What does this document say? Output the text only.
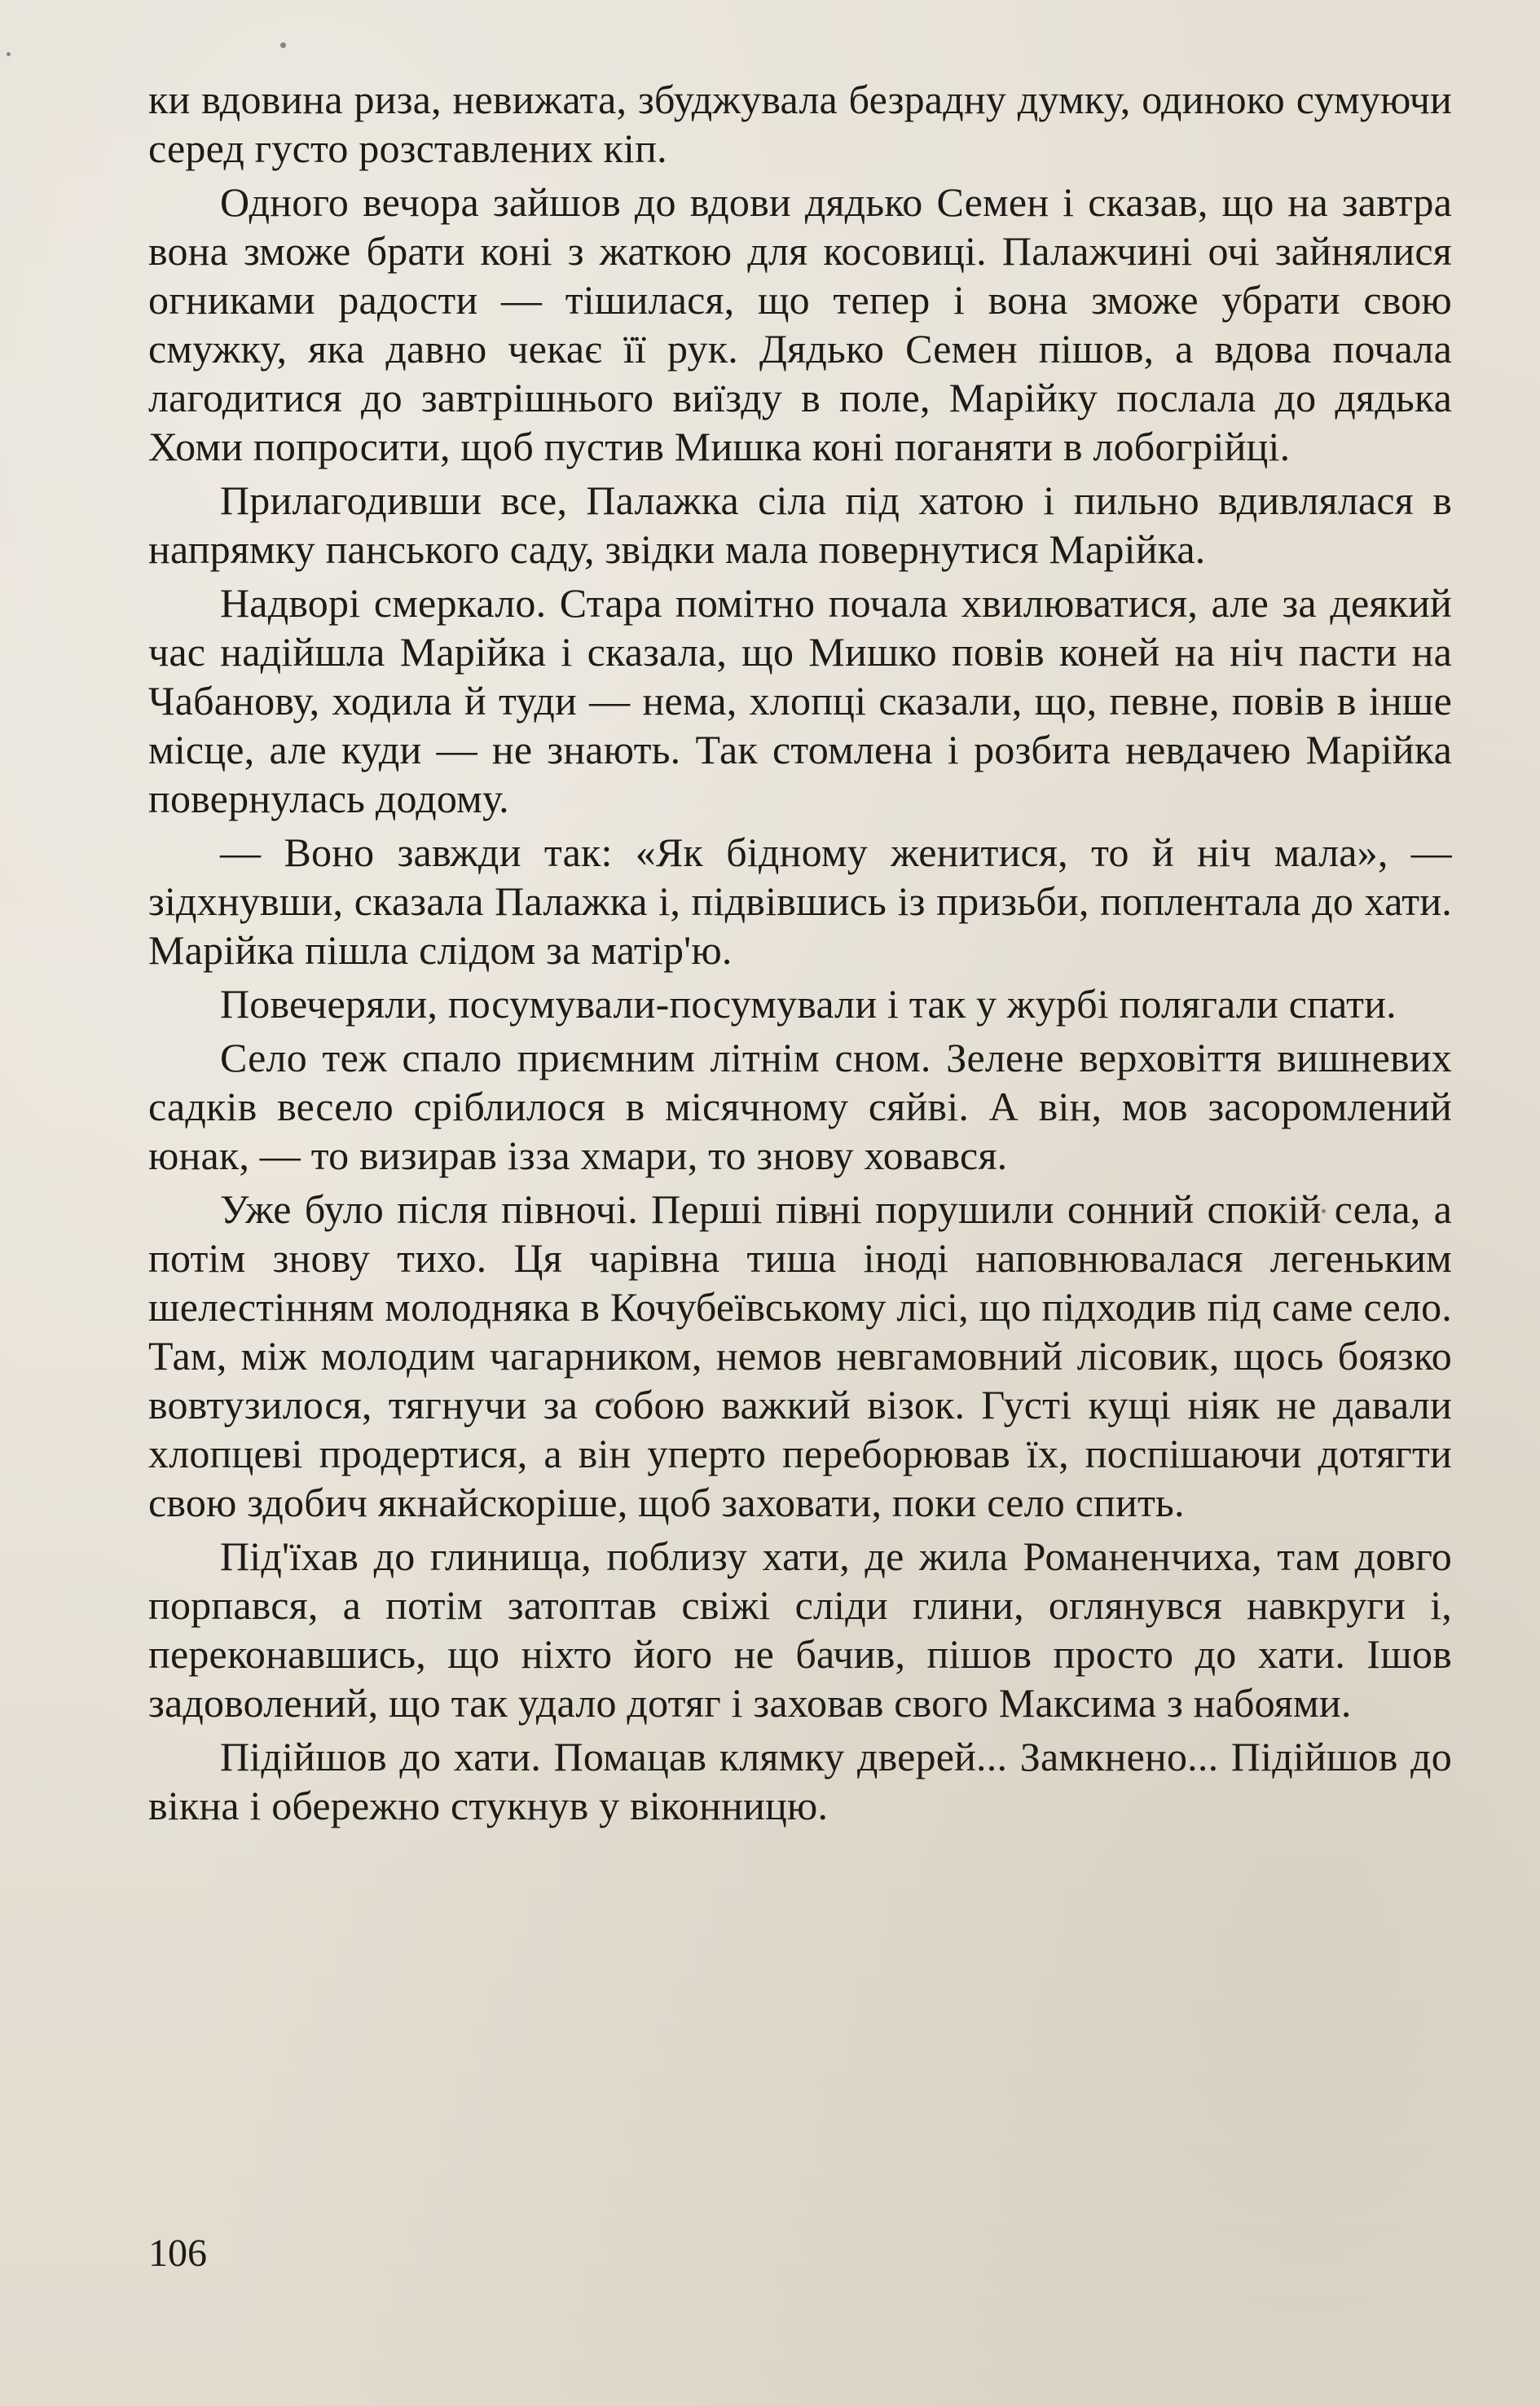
ки вдовина риза, невижата, збуджувала безрадну думку, одиноко сумуючи серед густо розставлених кіп.

Одного вечора зайшов до вдови дядько Семен і сказав, що на завтра вона зможе брати коні з жаткою для косовиці. Палажчині очі зайнялися огниками радости — тішилася, що тепер і вона зможе убрати свою смужку, яка давно чекає її рук. Дядько Семен пішов, а вдова почала лагодитися до завтрішнього виїзду в поле, Марійку послала до дядька Хоми попросити, щоб пустив Мишка коні поганяти в лобогрійці.

Прилагодивши все, Палажка сіла під хатою і пильно вдивлялася в напрямку панського саду, звідки мала повернутися Марійка.

Надворі смеркало. Стара помітно почала хвилюватися, але за деякий час надійшла Марійка і сказала, що Мишко повів коней на ніч пасти на Чабанову, ходила й туди — нема, хлопці сказали, що, певне, повів в інше місце, але куди — не знають. Так стомлена і розбита невдачею Марійка повернулась додому.

— Воно завжди так: «Як бідному женитися, то й ніч мала», — зідхнувши, сказала Палажка і, підвівшись із призьби, поплентала до хати. Марійка пішла слідом за матір'ю.

Повечеряли, посумували-посумували і так у журбі полягали спати.

Село теж спало приємним літнім сном. Зелене верховіття вишневих садків весело сріблилося в місячному сяйві. А він, мов засоромлений юнак, — то визирав ізза хмари, то знову ховався.

Уже було після півночі. Перші півні порушили сонний спокій села, а потім знову тихо. Ця чарівна тиша іноді наповнювалася легеньким шелестінням молодняка в Кочубеївському лісі, що підходив під саме село. Там, між молодим чагарником, немов невгамовний лісовик, щось боязко вовтузилося, тягнучи за собою важкий візок. Густі кущі ніяк не давали хлопцеві продертися, а він уперто переборював їх, поспішаючи дотягти свою здобич якнайскоріше, щоб заховати, поки село спить.

Під'їхав до глинища, поблизу хати, де жила Романенчиха, там довго порпався, а потім затоптав свіжі сліди глини, оглянувся навкруги і, переконавшись, що ніхто його не бачив, пішов просто до хати. Ішов задоволений, що так удало дотяг і заховав свого Максима з набоями.

Підійшов до хати. Помацав клямку дверей... Замкнено... Підійшов до вікна і обережно стукнув у віконницю.

106
